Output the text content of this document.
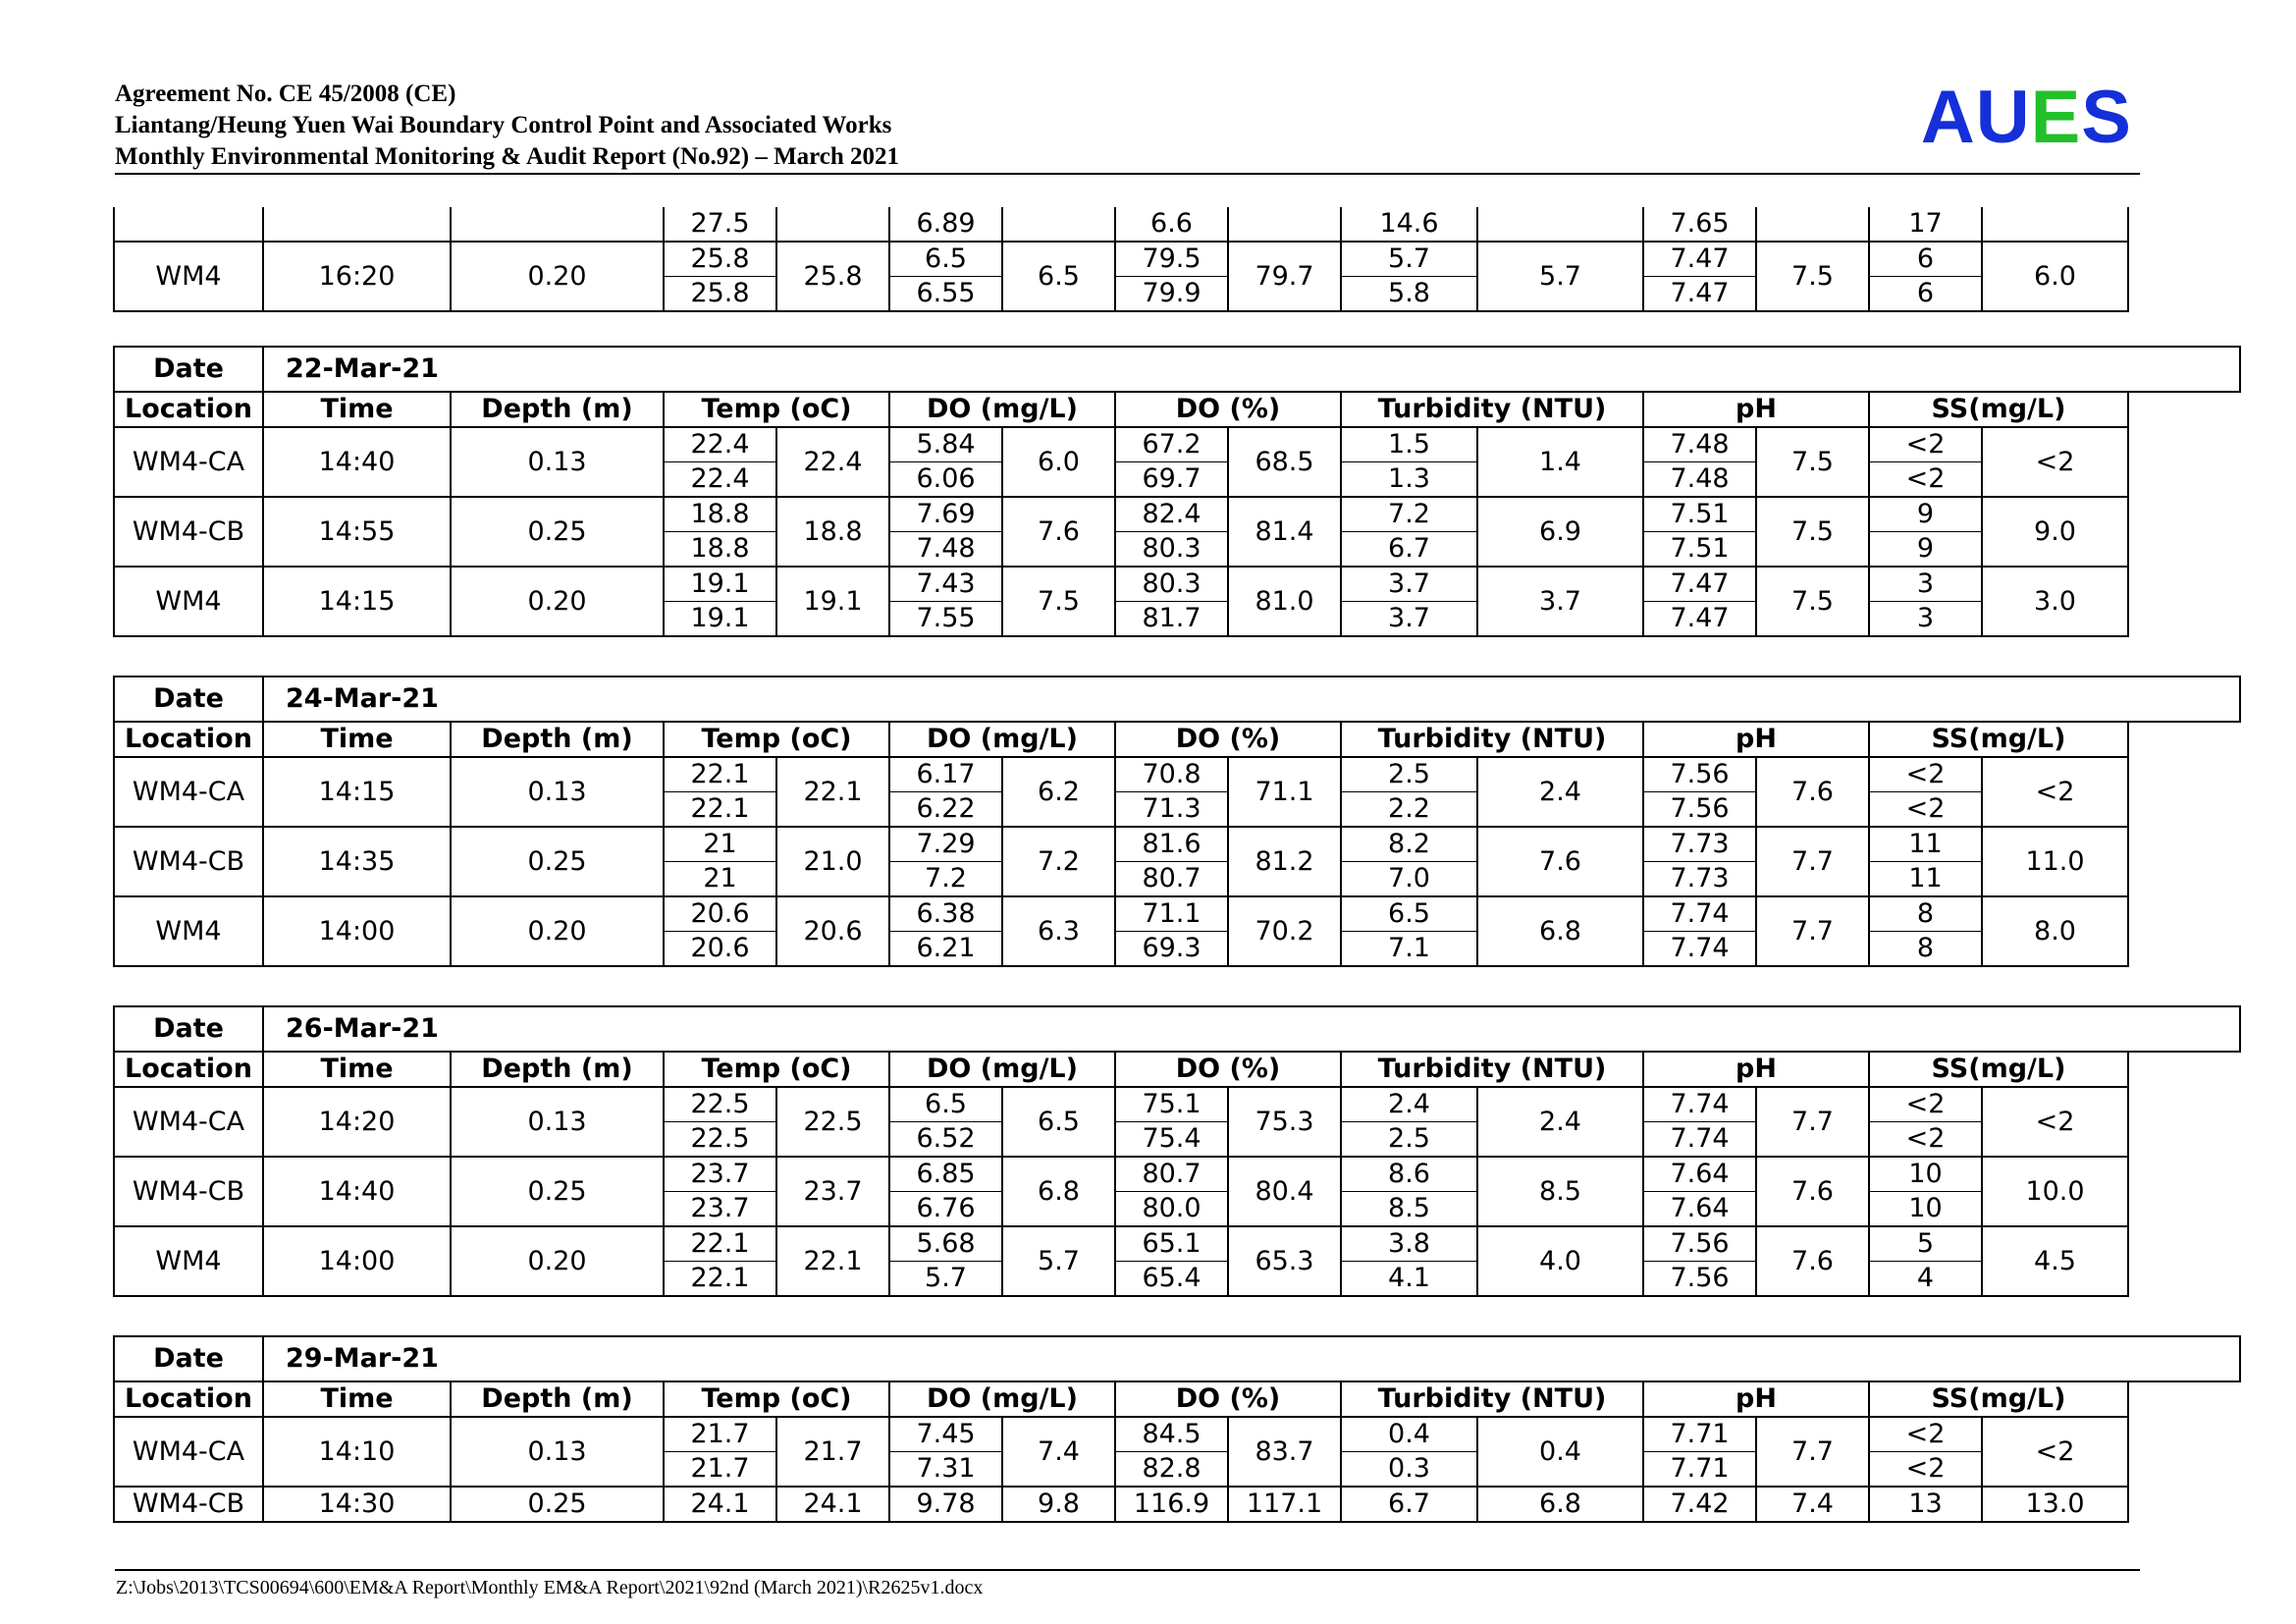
Agreement No. CE 45/2008 (CE)
Liantang/Heung Yuen Wai Boundary Control Point and Associated Works
Monthly Environmental Monitoring & Audit Report (No.92) – March 2021	AUES
			27.5		6.89		6.6		14.6		7.65		17	
WM4	16:20	0.20	25.8	25.8	6.5	6.5	79.5	79.7	5.7	5.7	7.47	7.5	6	6.0
			25.8		6.55		79.9		5.8		7.47		6	
Date	22-Mar-21													
Location	Time	Depth (m)	Temp (oC)		DO (mg/L)		DO (%)		Turbidity (NTU)		pH		SS(mg/L)	
WM4-CA	14:40	0.13	22.4	22.4	5.84	6.0	67.2	68.5	1.5	1.4	7.48	7.5	<2	<2
			22.4		6.06		69.7		1.3		7.48		<2	
WM4-CB	14:55	0.25	18.8	18.8	7.69	7.6	82.4	81.4	7.2	6.9	7.51	7.5	9	9.0
			18.8		7.48		80.3		6.7		7.51		9	
WM4	14:15	0.20	19.1	19.1	7.43	7.5	80.3	81.0	3.7	3.7	7.47	7.5	3	3.0
			19.1		7.55		81.7		3.7		7.47		3	
Date	24-Mar-21													
Location	Time	Depth (m)	Temp (oC)		DO (mg/L)		DO (%)		Turbidity (NTU)		pH		SS(mg/L)	
WM4-CA	14:15	0.13	22.1	22.1	6.17	6.2	70.8	71.1	2.5	2.4	7.56	7.6	<2	<2
			22.1		6.22		71.3		2.2		7.56		<2	
WM4-CB	14:35	0.25	21	21.0	7.29	7.2	81.6	81.2	8.2	7.6	7.73	7.7	11	11.0
			21		7.2		80.7		7.0		7.73		11	
WM4	14:00	0.20	20.6	20.6	6.38	6.3	71.1	70.2	6.5	6.8	7.74	7.7	8	8.0
			20.6		6.21		69.3		7.1		7.74		8	
Date	26-Mar-21													
Location	Time	Depth (m)	Temp (oC)		DO (mg/L)		DO (%)		Turbidity (NTU)		pH		SS(mg/L)	
WM4-CA	14:20	0.13	22.5	22.5	6.5	6.5	75.1	75.3	2.4	2.4	7.74	7.7	<2	<2
			22.5		6.52		75.4		2.5		7.74		<2	
WM4-CB	14:40	0.25	23.7	23.7	6.85	6.8	80.7	80.4	8.6	8.5	7.64	7.6	10	10.0
			23.7		6.76		80.0		8.5		7.64		10	
WM4	14:00	0.20	22.1	22.1	5.68	5.7	65.1	65.3	3.8	4.0	7.56	7.6	5	4.5
			22.1		5.7		65.4		4.1		7.56		4	
Date	29-Mar-21													
Location	Time	Depth (m)	Temp (oC)		DO (mg/L)		DO (%)		Turbidity (NTU)		pH		SS(mg/L)	
WM4-CA	14:10	0.13	21.7	21.7	7.45	7.4	84.5	83.7	0.4	0.4	7.71	7.7	<2	<2
			21.7		7.31		82.8		0.3		7.71		<2	
WM4-CB	14:30	0.25	24.1	24.1	9.78	9.8	116.9	117.1	6.7	6.8	7.42	7.4	13	13.0
Z:\Jobs\2013\TCS00694\600\EM&A Report\Monthly EM&A Report\2021\92nd (March 2021)\R2625v1.docx
